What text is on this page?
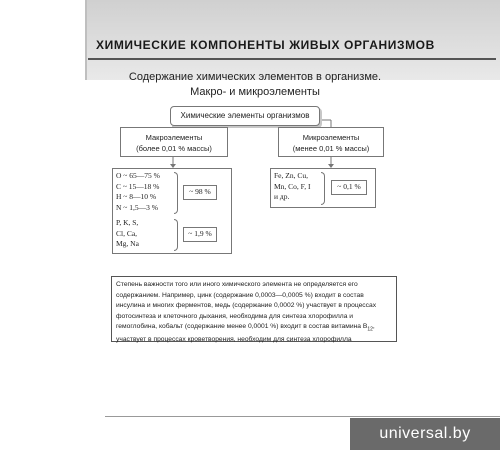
ХИМИЧЕСКИЕ КОМПОНЕНТЫ ЖИВЫХ ОРГАНИЗМОВ
Содержание химических элементов в организме.
Макро- и микроэлементы
Химические элементы организмов
Макроэлементы
(более 0,01 % массы)
Микроэлементы
(менее 0,01 % массы)
O ~ 65—75 %
C ~ 15—18 %
H ~ 8—10 %
N ~ 1,5—3 %
~ 98 %
P, K, S,
Cl, Ca,
Mg, Na
~ 1,9 %
Fe, Zn, Cu,
Mn, Co, F, I
и др.
~ 0,1 %
Степень важности того или иного химического элемента не определяется его содержанием. Например, цинк (содержание 0,0003—0,0005 %) входит в состав инсулина и многих ферментов, медь (содержание 0,0002 %) участвует в процессах фотосинтеза и клеточного дыхания, необходима для синтеза хлорофилла и гемоглобина, кобальт (содержание менее 0,0001 %) входит в состав витамина $B_{12}$, участвует в процессах кроветворения, необходим для синтеза хлорофилла
universal.by
